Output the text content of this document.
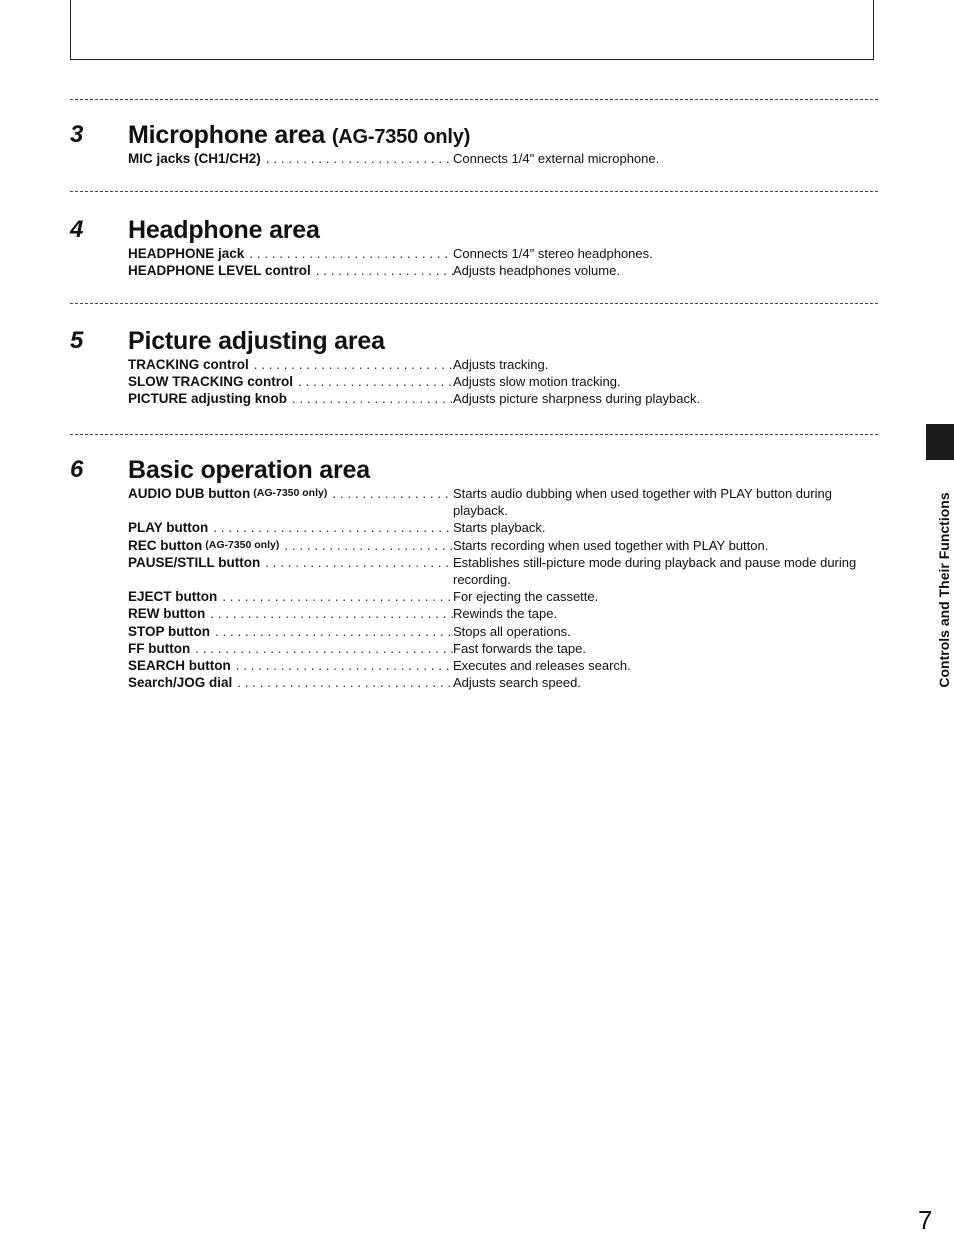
3 Microphone area (AG-7350 only)
MIC jacks (CH1/CH2) . . .	Connects 1/4" external microphone.
4 Headphone area
HEADPHONE jack . . .	Connects 1/4" stereo headphones.
HEADPHONE LEVEL control . . .	Adjusts headphones volume.
5 Picture adjusting area
TRACKING control . . .	Adjusts tracking.
SLOW TRACKING control . . .	Adjusts slow motion tracking.
PICTURE adjusting knob . . .	Adjusts picture sharpness during playback.
6 Basic operation area
AUDIO DUB button (AG-7350 only) . . .	Starts audio dubbing when used together with PLAY button during playback.
PLAY button . . .	Starts playback.
REC button (AG-7350 only) . . .	Starts recording when used together with PLAY button.
PAUSE/STILL button . . .	Establishes still-picture mode during playback and pause mode during recording.
EJECT button . . .	For ejecting the cassette.
REW button . . .	Rewinds the tape.
STOP button . . .	Stops all operations.
FF button . . .	Fast forwards the tape.
SEARCH button . . .	Executes and releases search.
Search/JOG dial . . .	Adjusts search speed.	Controls and Their Functions
7
